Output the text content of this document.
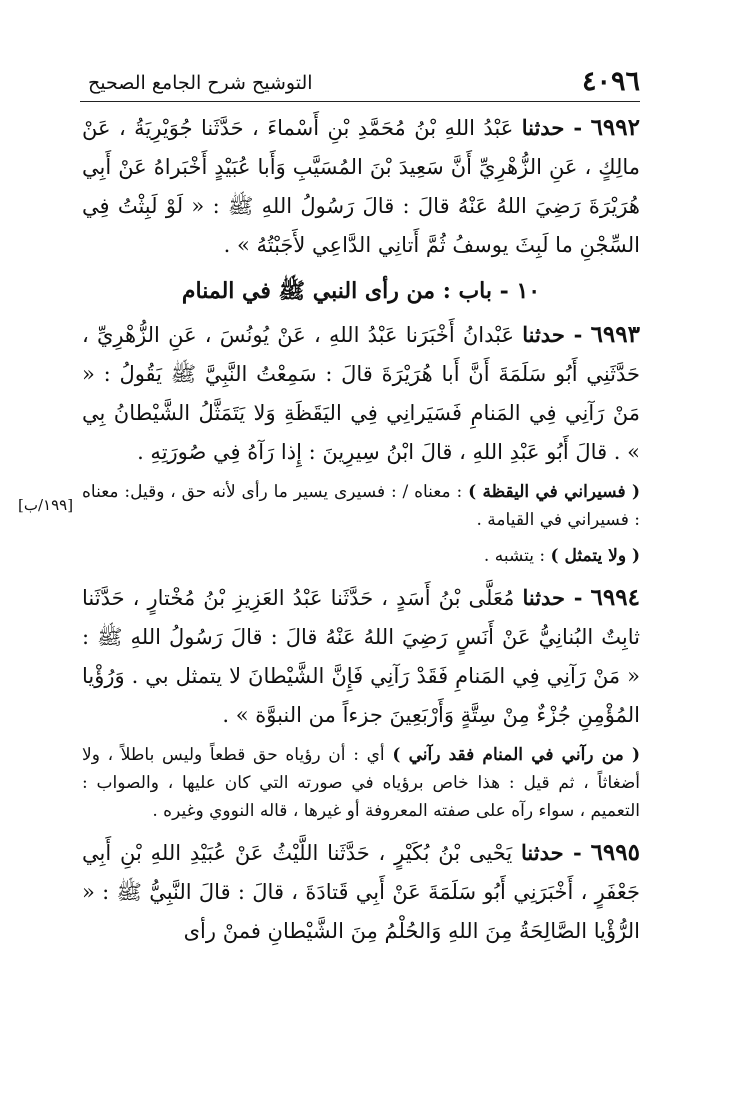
التوشيح شرح الجامع الصحيح	٤٠٩٦
[١٩٩/ب]

٦٩٩٢ - حدثنا عَبْدُ اللهِ بْنُ مُحَمَّدِ بْنِ أَسْماءَ ، حَدَّثَنا جُوَيْرِيَةُ ، عَنْ مالِكٍ ، عَنِ الزُّهْرِيِّ أَنَّ سَعِيدَ بْنَ المُسَيَّبِ وَأَبا عُبَيْدٍ أَخْبَراهُ عَنْ أَبِي هُرَيْرَةَ رَضِيَ اللهُ عَنْهُ قالَ : قالَ رَسُولُ اللهِ ﷺ : « لَوْ لَبِثْتُ فِي السِّجْنِ ما لَبِثَ يوسفُ ثُمَّ أَتانِي الدَّاعِي لأَجَبْتُهُ » .

١٠ - باب : من رأى النبي ﷺ في المنام

٦٩٩٣ - حدثنا عَبْدانُ أَخْبَرَنا عَبْدُ اللهِ ، عَنْ يُونُسَ ، عَنِ الزُّهْرِيِّ ، حَدَّثَنِي أَبُو سَلَمَةَ أَنَّ أَبا هُرَيْرَةَ قالَ : سَمِعْتُ النَّبِيَّ ﷺ يَقُولُ : « مَنْ رَآنِي فِي المَنامِ فَسَيَرانِي فِي اليَقَظَةِ وَلا يَتَمَثَّلُ الشَّيْطانُ بِي » . قالَ أَبُو عَبْدِ اللهِ ، قالَ ابْنُ سِيرِينَ : إِذا رَآهُ فِي صُورَتِهِ .

( فسيراني في اليقظة ) : معناه / : فسيرى يسير ما رأى لأنه حق ، وقيل: معناه : فسيراني في القيامة .

( ولا يتمثل ) : يتشبه .

٦٩٩٤ - حدثنا مُعَلَّى بْنُ أَسَدٍ ، حَدَّثَنا عَبْدُ العَزِيزِ بْنُ مُخْتارٍ ، حَدَّثَنا ثابِتٌ البُنانِيُّ عَنْ أَنَسٍ رَضِيَ اللهُ عَنْهُ قالَ : قالَ رَسُولُ اللهِ ﷺ : « مَنْ رَآنِي فِي المَنامِ فَقَدْ رَآنِي فَإِنَّ الشَّيْطانَ لا يتمثل بي . وَرُؤْيا المُؤْمِنِ جُزْءٌ مِنْ سِتَّةٍ وَأَرْبَعِينَ جزءاً من النبوَّة » .

( من رآني في المنام فقد رآني ) أي : أن رؤياه حق قطعاً وليس باطلاً ، ولا أضغاثاً ، ثم قيل : هذا خاص برؤياه في صورته التي كان عليها ، والصواب : التعميم ، سواء رآه على صفته المعروفة أو غيرها ، قاله النووي وغيره .

٦٩٩٥ - حدثنا يَحْيى بْنُ بُكَيْرٍ ، حَدَّثَنا اللَّيْثُ عَنْ عُبَيْدِ اللهِ بْنِ أَبِي جَعْفَرٍ ، أَخْبَرَنِي أَبُو سَلَمَةَ عَنْ أَبِي قَتادَةَ ، قالَ : قالَ النَّبِيُّ ﷺ : « الرُّؤْيا الصَّالِحَةُ مِنَ اللهِ وَالحُلْمُ مِنَ الشَّيْطانِ فمنْ رأى
